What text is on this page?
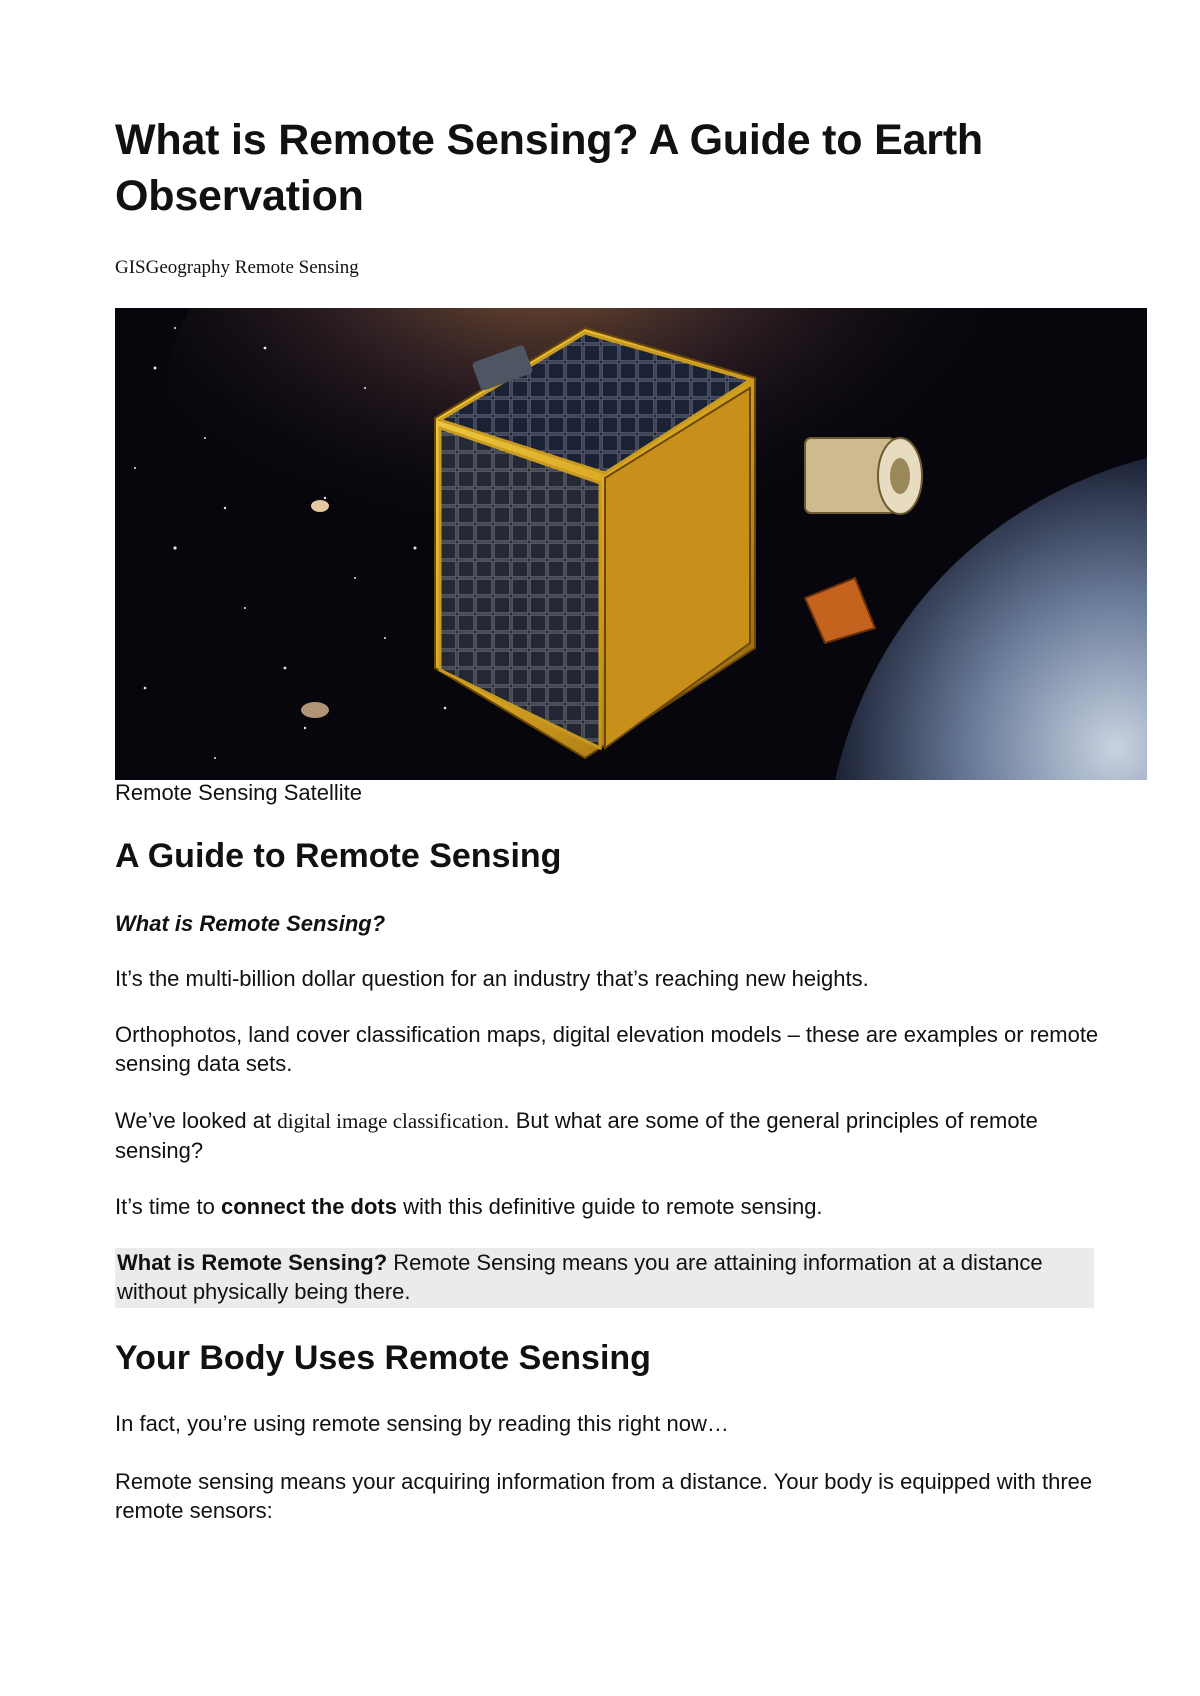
What is Remote Sensing? A Guide to Earth Observation
GISGeography Remote Sensing
Remote Sensing Satellite
A Guide to Remote Sensing

What is Remote Sensing?

It’s the multi-billion dollar question for an industry that’s reaching new heights.

Orthophotos, land cover classification maps, digital elevation models – these are examples or remote sensing data sets.

We’ve looked at digital image classification. But what are some of the general principles of remote sensing?

It’s time to connect the dots with this definitive guide to remote sensing.

What is Remote Sensing? Remote Sensing means you are attaining information at a distance without physically being there.
Your Body Uses Remote Sensing

In fact, you’re using remote sensing by reading this right now…

Remote sensing means your acquiring information from a distance. Your body is equipped with three remote sensors:
